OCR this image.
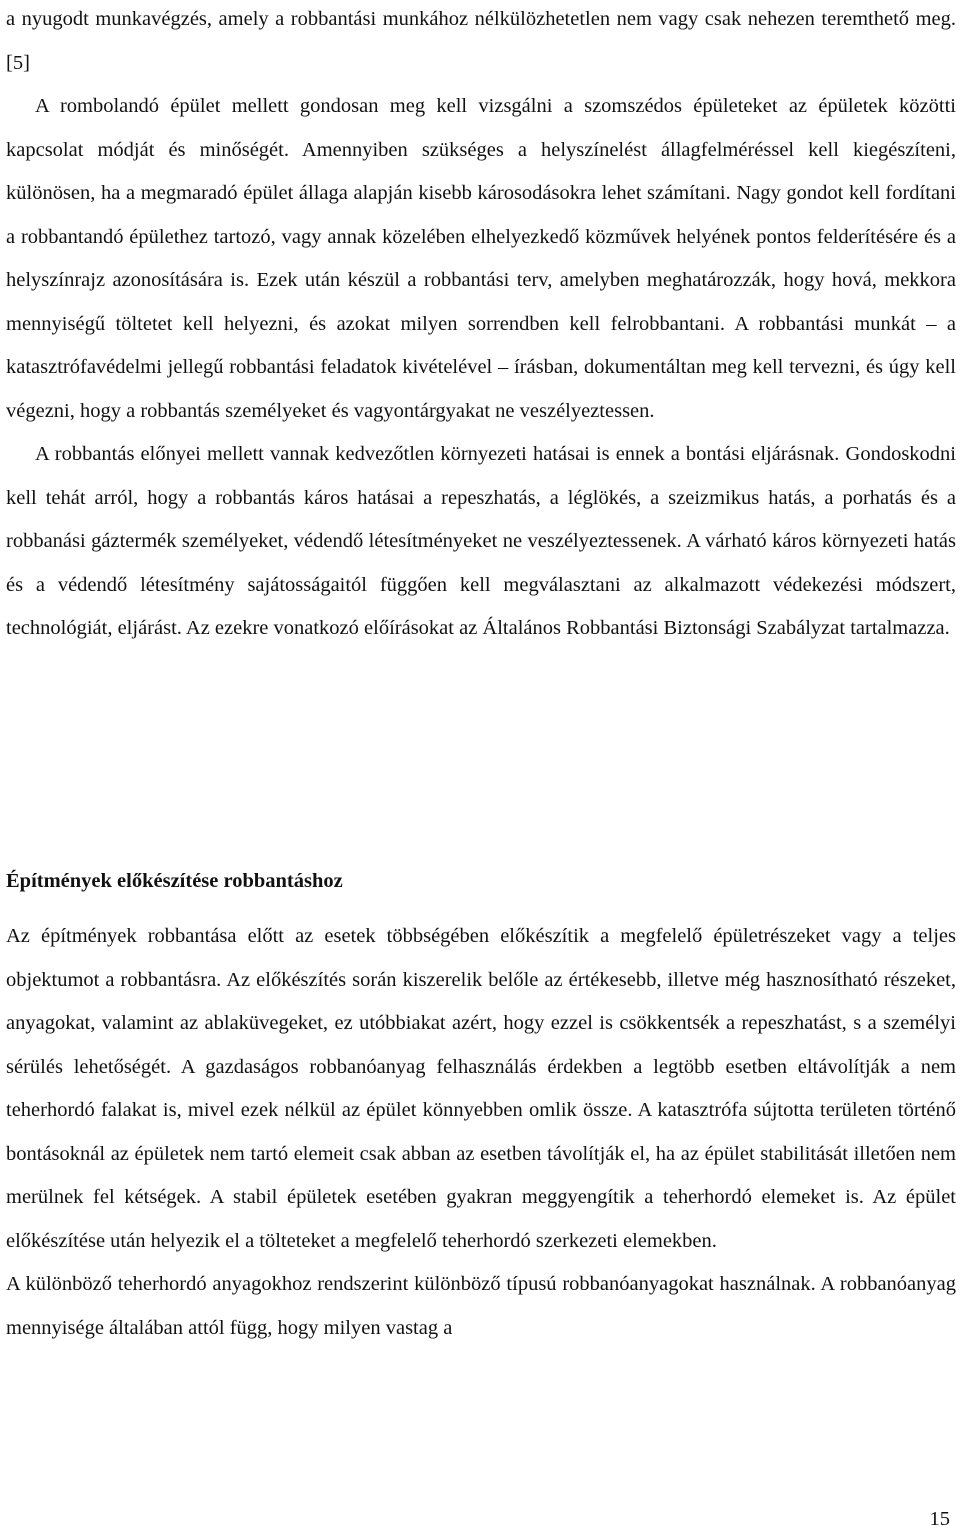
a nyugodt munkavégzés, amely a robbantási munkához nélkülözhetetlen nem vagy csak nehezen teremthető meg. [5]

A rombolandó épület mellett gondosan meg kell vizsgálni a szomszédos épületeket az épületek közötti kapcsolat módját és minőségét. Amennyiben szükséges a helyszínelést állagfelméréssel kell kiegészíteni, különösen, ha a megmaradó épület állaga alapján kisebb károsodásokra lehet számítani. Nagy gondot kell fordítani a robbantandó épülethez tartozó, vagy annak közelében elhelyezkedő közművek helyének pontos felderítésére és a helyszínrajz azonosítására is. Ezek után készül a robbantási terv, amelyben meghatározzák, hogy hová, mekkora mennyiségű töltetet kell helyezni, és azokat milyen sorrendben kell felrobbantani. A robbantási munkát – a katasztrófavédelmi jellegű robbantási feladatok kivételével – írásban, dokumentáltan meg kell tervezni, és úgy kell végezni, hogy a robbantás személyeket és vagyontárgyakat ne veszélyeztessen.

A robbantás előnyei mellett vannak kedvezőtlen környezeti hatásai is ennek a bontási eljárásnak. Gondoskodni kell tehát arról, hogy a robbantás káros hatásai a repeszhatás, a léglökés, a szeizmikus hatás, a porhatás és a robbanási gáztermék személyeket, védendő létesítményeket ne veszélyeztessenek. A várható káros környezeti hatás és a védendő létesítmény sajátosságaitól függően kell megválasztani az alkalmazott védekezési módszert, technológiát, eljárást. Az ezekre vonatkozó előírásokat az Általános Robbantási Biztonsági Szabályzat tartalmazza.

Építmények előkészítése robbantáshoz

Az építmények robbantása előtt az esetek többségében előkészítik a megfelelő épületrészeket vagy a teljes objektumot a robbantásra. Az előkészítés során kiszerelik belőle az értékesebb, illetve még hasznosítható részeket, anyagokat, valamint az ablaküvegeket, ez utóbbiakat azért, hogy ezzel is csökkentsék a repeszhatást, s a személyi sérülés lehetőségét. A gazdaságos robbanóanyag felhasználás érdekben a legtöbb esetben eltávolítják a nem teherhordó falakat is, mivel ezek nélkül az épület könnyebben omlik össze. A katasztrófa sújtotta területen történő bontásoknál az épületek nem tartó elemeit csak abban az esetben távolítják el, ha az épület stabilitását illetően nem merülnek fel kétségek. A stabil épületek esetében gyakran meggyengítik a teherhordó elemeket is. Az épület előkészítése után helyezik el a tölteteket a megfelelő teherhordó szerkezeti elemekben.

A különböző teherhordó anyagokhoz rendszerint különböző típusú robbanóanyagokat használnak. A robbanóanyag mennyisége általában attól függ, hogy milyen vastag a

15
